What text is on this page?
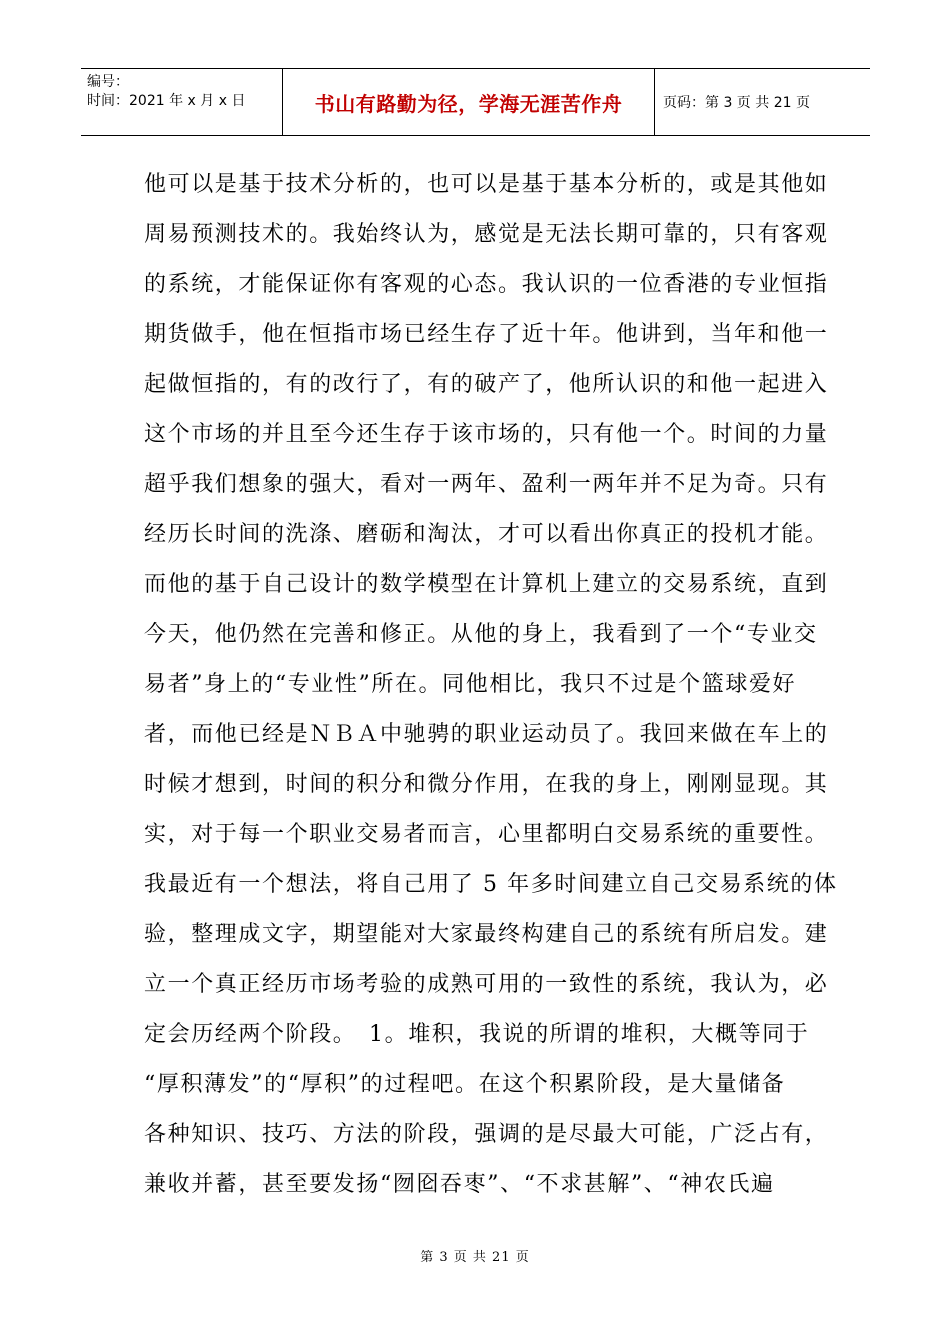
编号：
时间：2021 年 x 月 x 日	书山有路勤为径，学海无涯苦作舟	页码：第 3 页 共 21 页
他可以是基于技术分析的，也可以是基于基本分析的，或是其他如
周易预测技术的。我始终认为，感觉是无法长期可靠的，只有客观
的系统，才能保证你有客观的心态。我认识的一位香港的专业恒指
期货做手，他在恒指市场已经生存了近十年。他讲到，当年和他一
起做恒指的，有的改行了，有的破产了，他所认识的和他一起进入
这个市场的并且至今还生存于该市场的，只有他一个。时间的力量
超乎我们想象的强大，看对一两年、盈利一两年并不足为奇。只有
经历长时间的洗涤、磨砺和淘汰，才可以看出你真正的投机才能。
而他的基于自己设计的数学模型在计算机上建立的交易系统，直到
今天，他仍然在完善和修正。从他的身上，我看到了一个“专业交
易者”身上的“专业性”所在。同他相比，我只不过是个篮球爱好
者，而他已经是ＮＢＡ中驰骋的职业运动员了。我回来做在车上的
时候才想到，时间的积分和微分作用，在我的身上，刚刚显现。其
实，对于每一个职业交易者而言，心里都明白交易系统的重要性。
我最近有一个想法，将自己用了 5 年多时间建立自己交易系统的体
验，整理成文字，期望能对大家最终构建自己的系统有所启发。建
立一个真正经历市场考验的成熟可用的一致性的系统，我认为，必
定会历经两个阶段。　1。堆积，我说的所谓的堆积，大概等同于
“厚积薄发”的“厚积”的过程吧。在这个积累阶段，是大量储备
各种知识、技巧、方法的阶段，强调的是尽最大可能，广泛占有，
兼收并蓄，甚至要发扬“囫囵吞枣”、“不求甚解”、“神农氏遍
第 3 页 共 21 页
